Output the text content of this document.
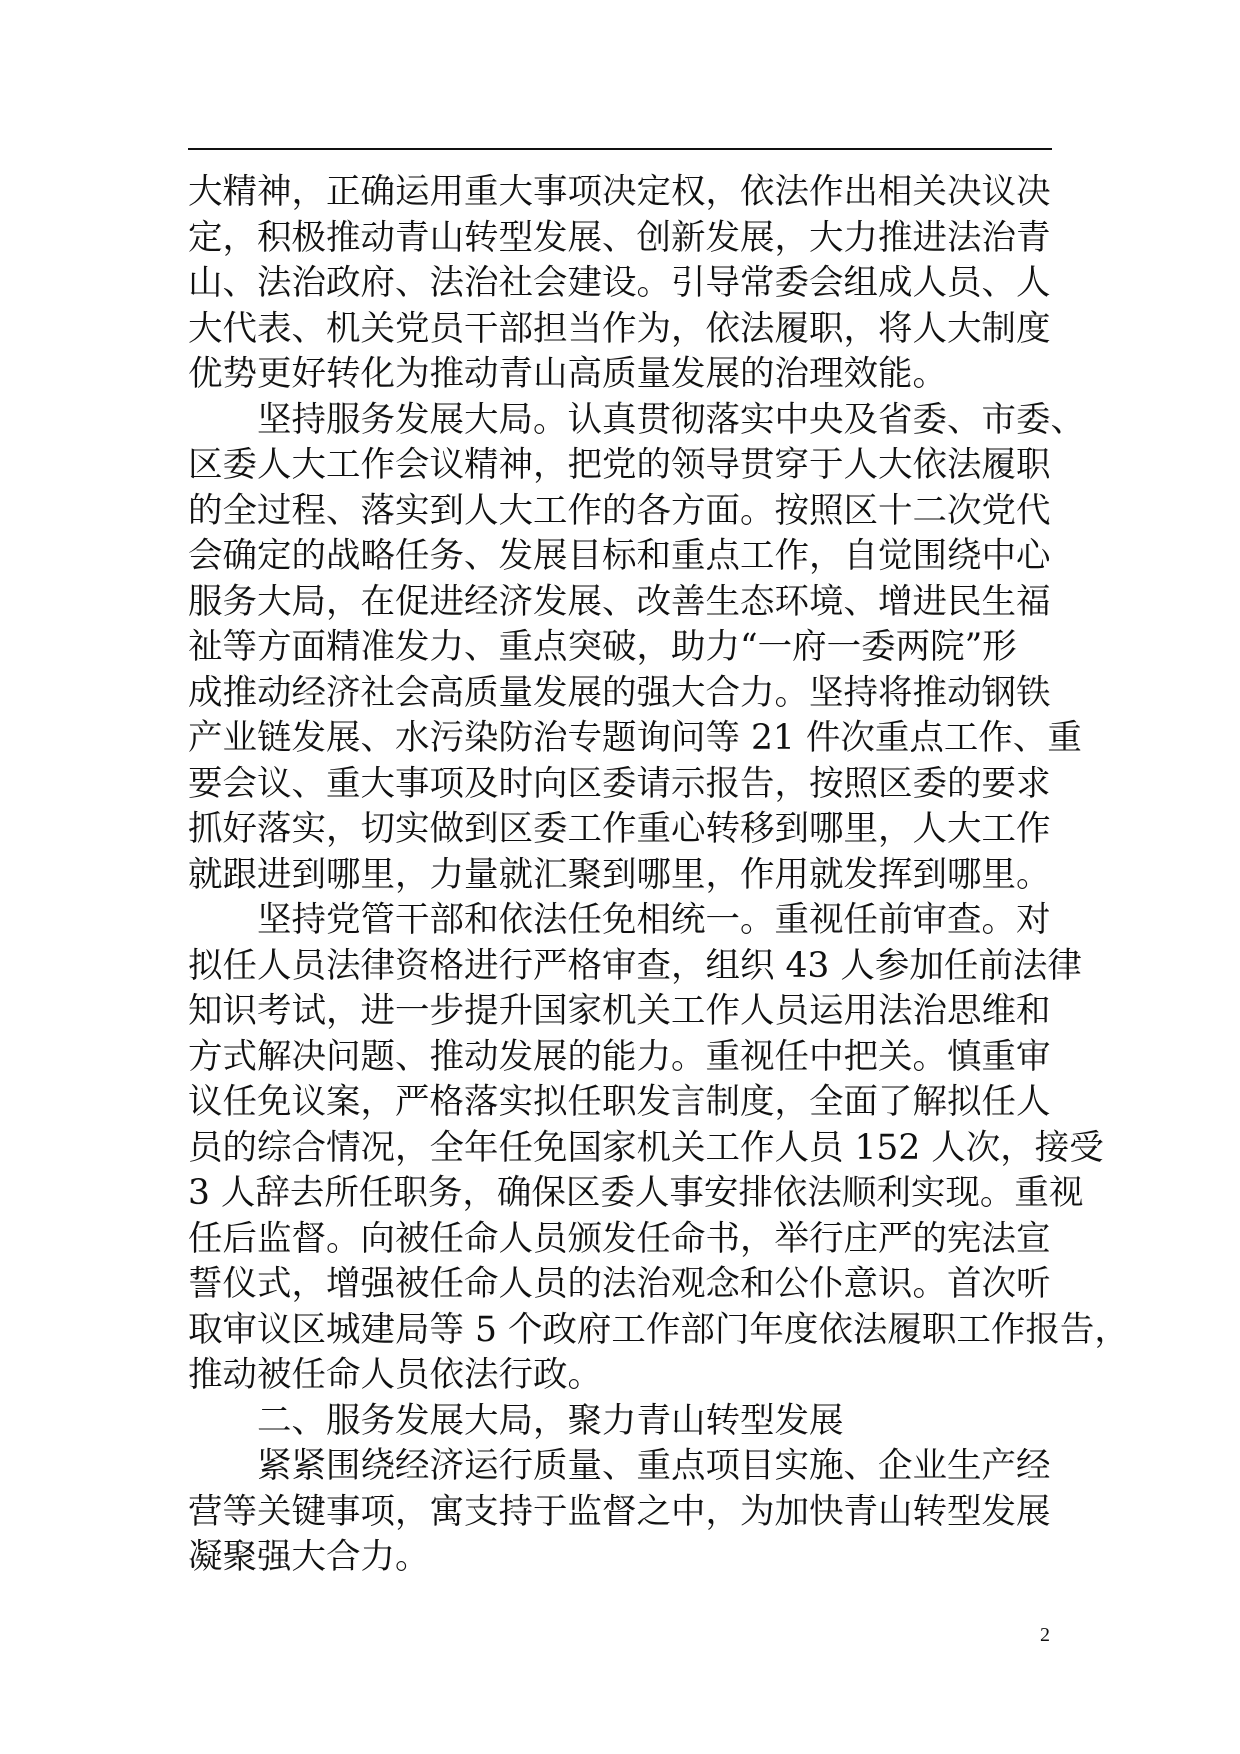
大精神，正确运用重大事项决定权，依法作出相关决议决
定，积极推动青山转型发展、创新发展，大力推进法治青
山、法治政府、法治社会建设。引导常委会组成人员、人
大代表、机关党员干部担当作为，依法履职，将人大制度
优势更好转化为推动青山高质量发展的治理效能。
坚持服务发展大局。认真贯彻落实中央及省委、市委、
区委人大工作会议精神，把党的领导贯穿于人大依法履职
的全过程、落实到人大工作的各方面。按照区十二次党代
会确定的战略任务、发展目标和重点工作，自觉围绕中心
服务大局，在促进经济发展、改善生态环境、增进民生福
祉等方面精准发力、重点突破，助力“一府一委两院”形
成推动经济社会高质量发展的强大合力。坚持将推动钢铁
产业链发展、水污染防治专题询问等 21 件次重点工作、重
要会议、重大事项及时向区委请示报告，按照区委的要求
抓好落实，切实做到区委工作重心转移到哪里，人大工作
就跟进到哪里，力量就汇聚到哪里，作用就发挥到哪里。
坚持党管干部和依法任免相统一。重视任前审查。对
拟任人员法律资格进行严格审查，组织 43 人参加任前法律
知识考试，进一步提升国家机关工作人员运用法治思维和
方式解决问题、推动发展的能力。重视任中把关。慎重审
议任免议案，严格落实拟任职发言制度，全面了解拟任人
员的综合情况，全年任免国家机关工作人员 152 人次，接受
3 人辞去所任职务，确保区委人事安排依法顺利实现。重视
任后监督。向被任命人员颁发任命书，举行庄严的宪法宣
誓仪式，增强被任命人员的法治观念和公仆意识。首次听
取审议区城建局等 5 个政府工作部门年度依法履职工作报告，
推动被任命人员依法行政。
二、服务发展大局，聚力青山转型发展
紧紧围绕经济运行质量、重点项目实施、企业生产经
营等关键事项，寓支持于监督之中，为加快青山转型发展
凝聚强大合力。
2
